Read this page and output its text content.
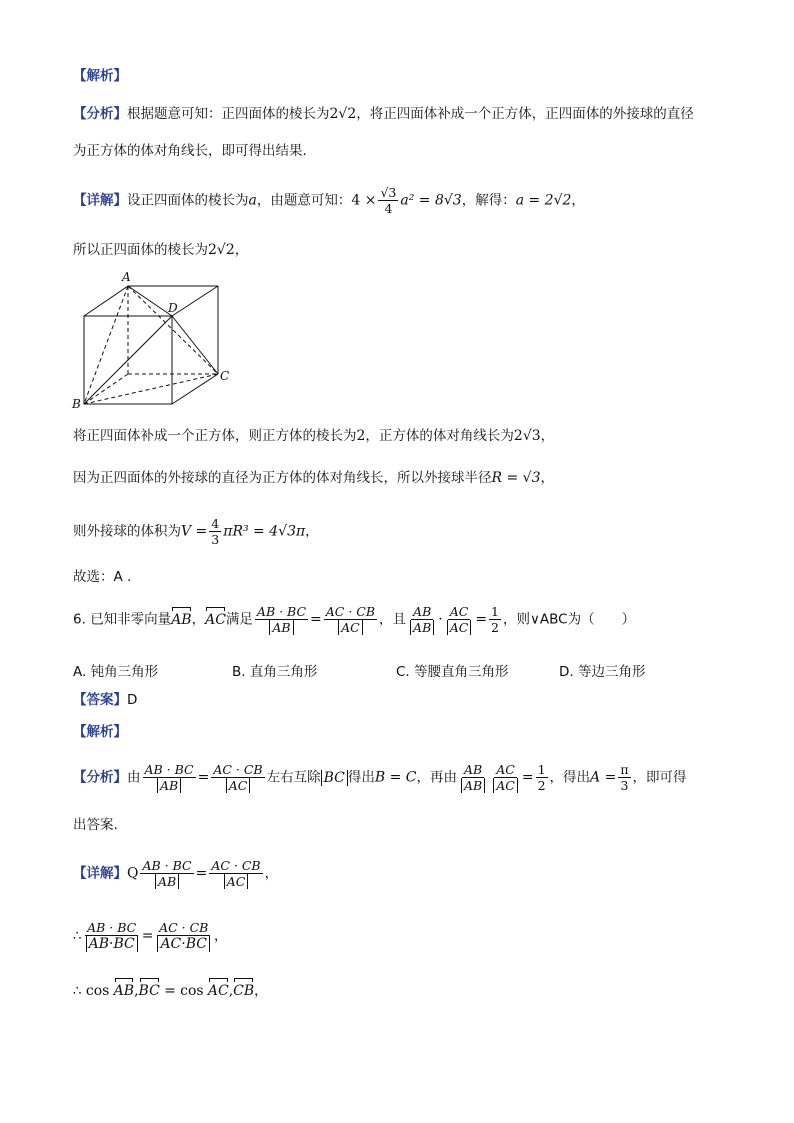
【解析】
【分析】根据题意可知：正四面体的棱长为2√2，将正四面体补成一个正方体，正四面体的外接球的直径
为正方体的体对角线长，即可得出结果.
【详解】设正四面体的棱长为a，由题意可知：$4 \times \frac{√3}{4} a^2 = 8√3$，解得：a = 2√2，
所以正四面体的棱长为2√2，
A
D
C
B
将正四面体补成一个正方体，则正方体的棱长为2，正方体的体对角线长为2√3，
因为正四面体的外接球的直径为正方体的体对角线长，所以外接球半径R = √3，
则外接球的体积为$V = \frac{4}{3} \pi R^3 = 4√3\pi$，
故选：A .
6. 已知非零向量AB，AC满足 $\frac{AB \cdot BC}{AB} = \frac{AC \cdot CB}{AC}$ ，且 $\frac{AB}{AB} \cdot \frac{AC}{AC} = \frac{1}{2}$ ，则∨ABC为（　　）
A. 钝角三角形	B. 直角三角形	C. 等腰直角三角形	D. 等边三角形
【答案】D
【解析】
【分析】由 $\frac{AB \cdot BC}{AB} = \frac{AC \cdot CB}{AC}$ 左右互除 BC 得出B = C，再由 $\frac{AB}{AB} \frac{AC}{AC} = \frac{1}{2}$ ，得出$A = \frac{\pi}{3}$ ，即可得
出答案.
【详解】Q $\frac{AB \cdot BC}{AB} = \frac{AC \cdot CB}{AC}$ ，
∴ $\frac{AB \cdot BC}{AB\cdot BC} = \frac{AC \cdot CB}{AC\cdot BC}$ ，
∴ cos AB,BC = cos AC,CB，
